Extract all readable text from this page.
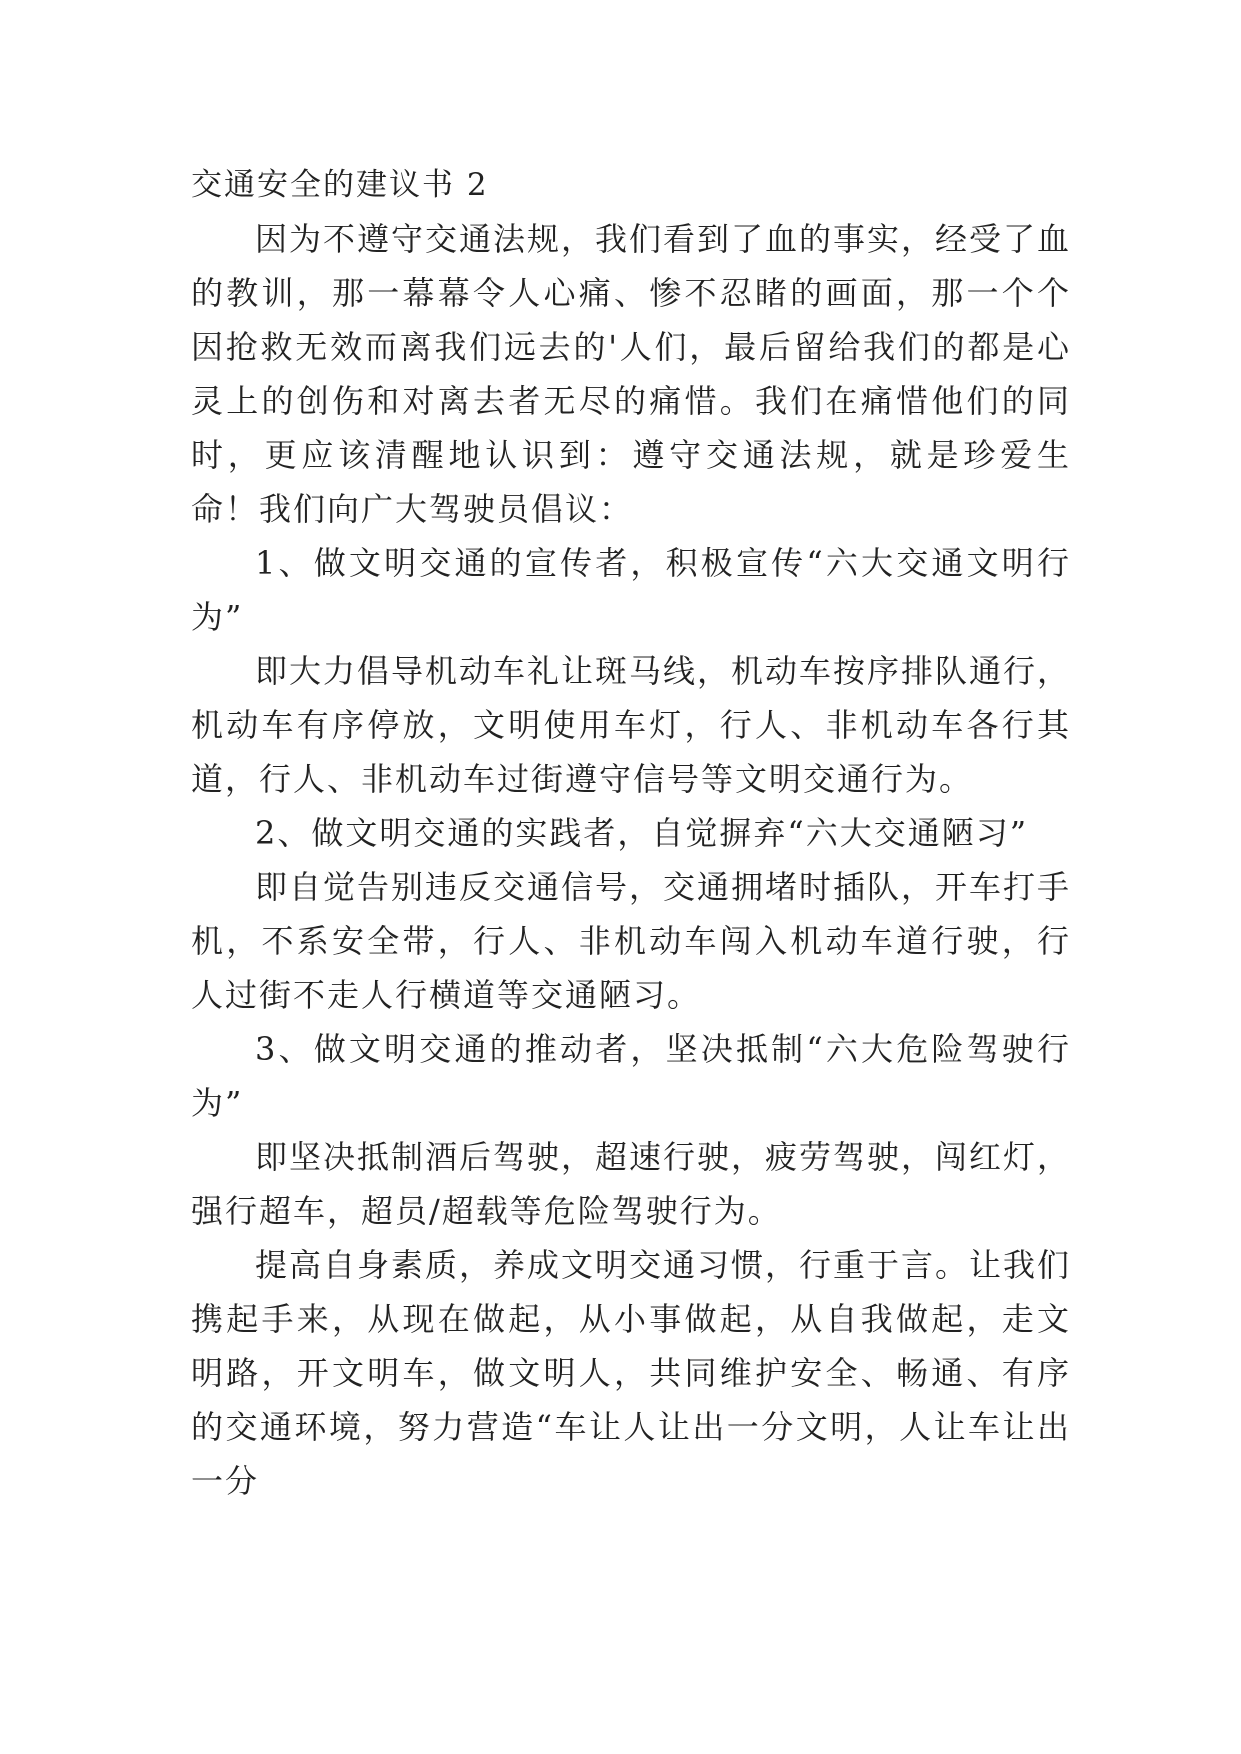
交通安全的建议书 2

因为不遵守交通法规，我们看到了血的事实，经受了血的教训，那一幕幕令人心痛、惨不忍睹的画面，那一个个因抢救无效而离我们远去的'人们，最后留给我们的都是心灵上的创伤和对离去者无尽的痛惜。我们在痛惜他们的同时，更应该清醒地认识到：遵守交通法规，就是珍爱生命！我们向广大驾驶员倡议：

1、做文明交通的宣传者，积极宣传“六大交通文明行为”

即大力倡导机动车礼让斑马线，机动车按序排队通行，机动车有序停放，文明使用车灯，行人、非机动车各行其道，行人、非机动车过街遵守信号等文明交通行为。

2、做文明交通的实践者，自觉摒弃“六大交通陋习”

即自觉告别违反交通信号，交通拥堵时插队，开车打手机，不系安全带，行人、非机动车闯入机动车道行驶，行人过街不走人行横道等交通陋习。

3、做文明交通的推动者，坚决抵制“六大危险驾驶行为”

即坚决抵制酒后驾驶，超速行驶，疲劳驾驶，闯红灯，强行超车，超员/超载等危险驾驶行为。

提高自身素质，养成文明交通习惯，行重于言。让我们携起手来，从现在做起，从小事做起，从自我做起，走文明路，开文明车，做文明人，共同维护安全、畅通、有序的交通环境，努力营造“车让人让出一分文明，人让车让出一分
